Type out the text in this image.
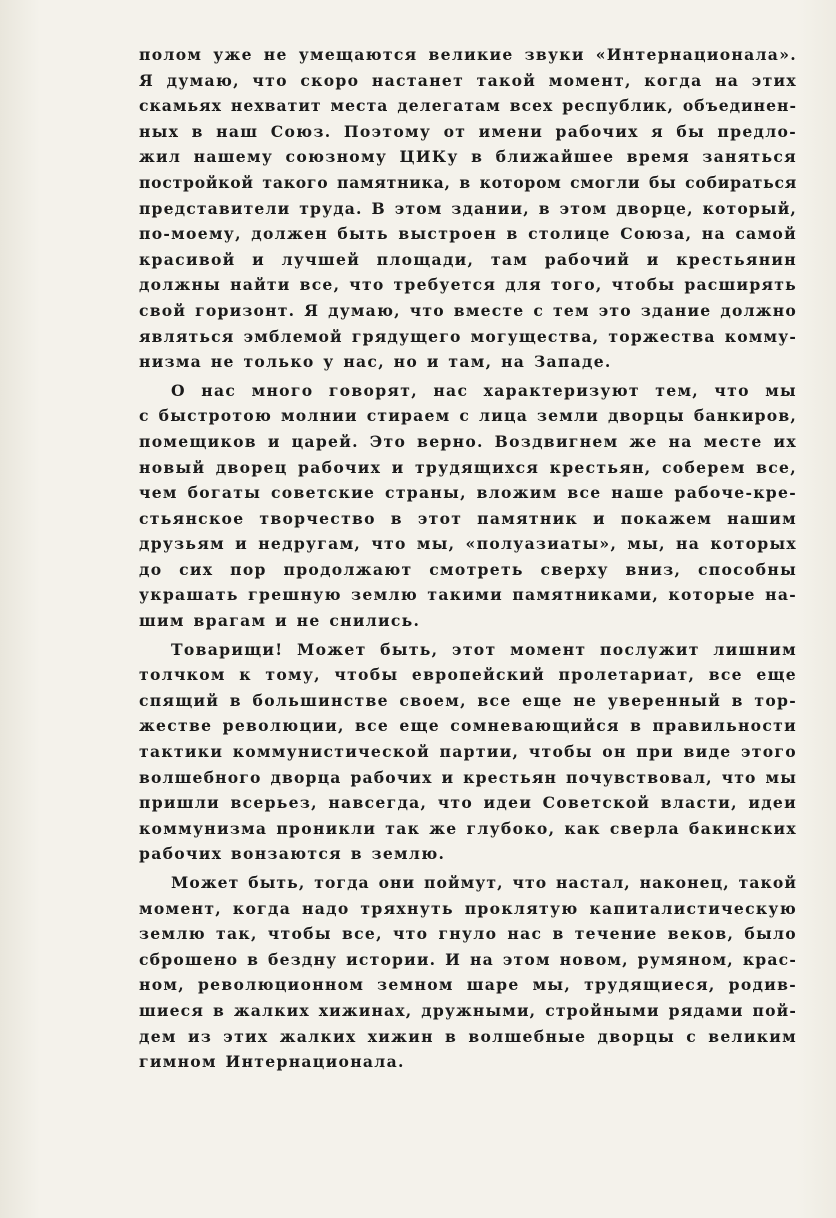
полом уже не умещаются великие звуки «Интернационала».
Я думаю, что скоро настанет такой момент, когда на этих
скамьях нехватит места делегатам всех республик, объединен-
ных в наш Союз. Поэтому от имени рабочих я бы предло-
жил нашему союзному ЦИКу в ближайшее время заняться
постройкой такого памятника, в котором смогли бы собираться
представители труда. В этом здании, в этом дворце, который,
по-моему, должен быть выстроен в столице Союза, на самой
красивой и лучшей площади, там рабочий и крестьянин
должны найти все, что требуется для того, чтобы расширять
свой горизонт. Я думаю, что вместе с тем это здание должно
являться эмблемой грядущего могущества, торжества комму-
низма не только у нас, но и там, на Западе.
О нас много говорят, нас характеризуют тем, что мы
с быстротою молнии стираем с лица земли дворцы банкиров,
помещиков и царей. Это верно. Воздвигнем же на месте их
новый дворец рабочих и трудящихся крестьян, соберем все,
чем богаты советские страны, вложим все наше рабоче-кре-
стьянское творчество в этот памятник и покажем нашим
друзьям и недругам, что мы, «полуазиаты», мы, на которых
до сих пор продолжают смотреть сверху вниз, способны
украшать грешную землю такими памятниками, которые на-
шим врагам и не снились.
Товарищи! Может быть, этот момент послужит лишним
толчком к тому, чтобы европейский пролетариат, все еще
спящий в большинстве своем, все еще не уверенный в тор-
жестве революции, все еще сомневающийся в правильности
тактики коммунистической партии, чтобы он при виде этого
волшебного дворца рабочих и крестьян почувствовал, что мы
пришли всерьез, навсегда, что идеи Советской власти, идеи
коммунизма проникли так же глубоко, как сверла бакинских
рабочих вонзаются в землю.
Может быть, тогда они поймут, что настал, наконец, такой
момент, когда надо тряхнуть проклятую капиталистическую
землю так, чтобы все, что гнуло нас в течение веков, было
сброшено в бездну истории. И на этом новом, румяном, крас-
ном, революционном земном шаре мы, трудящиеся, родив-
шиеся в жалких хижинах, дружными, стройными рядами пой-
дем из этих жалких хижин в волшебные дворцы с великим
гимном Интернационала.
